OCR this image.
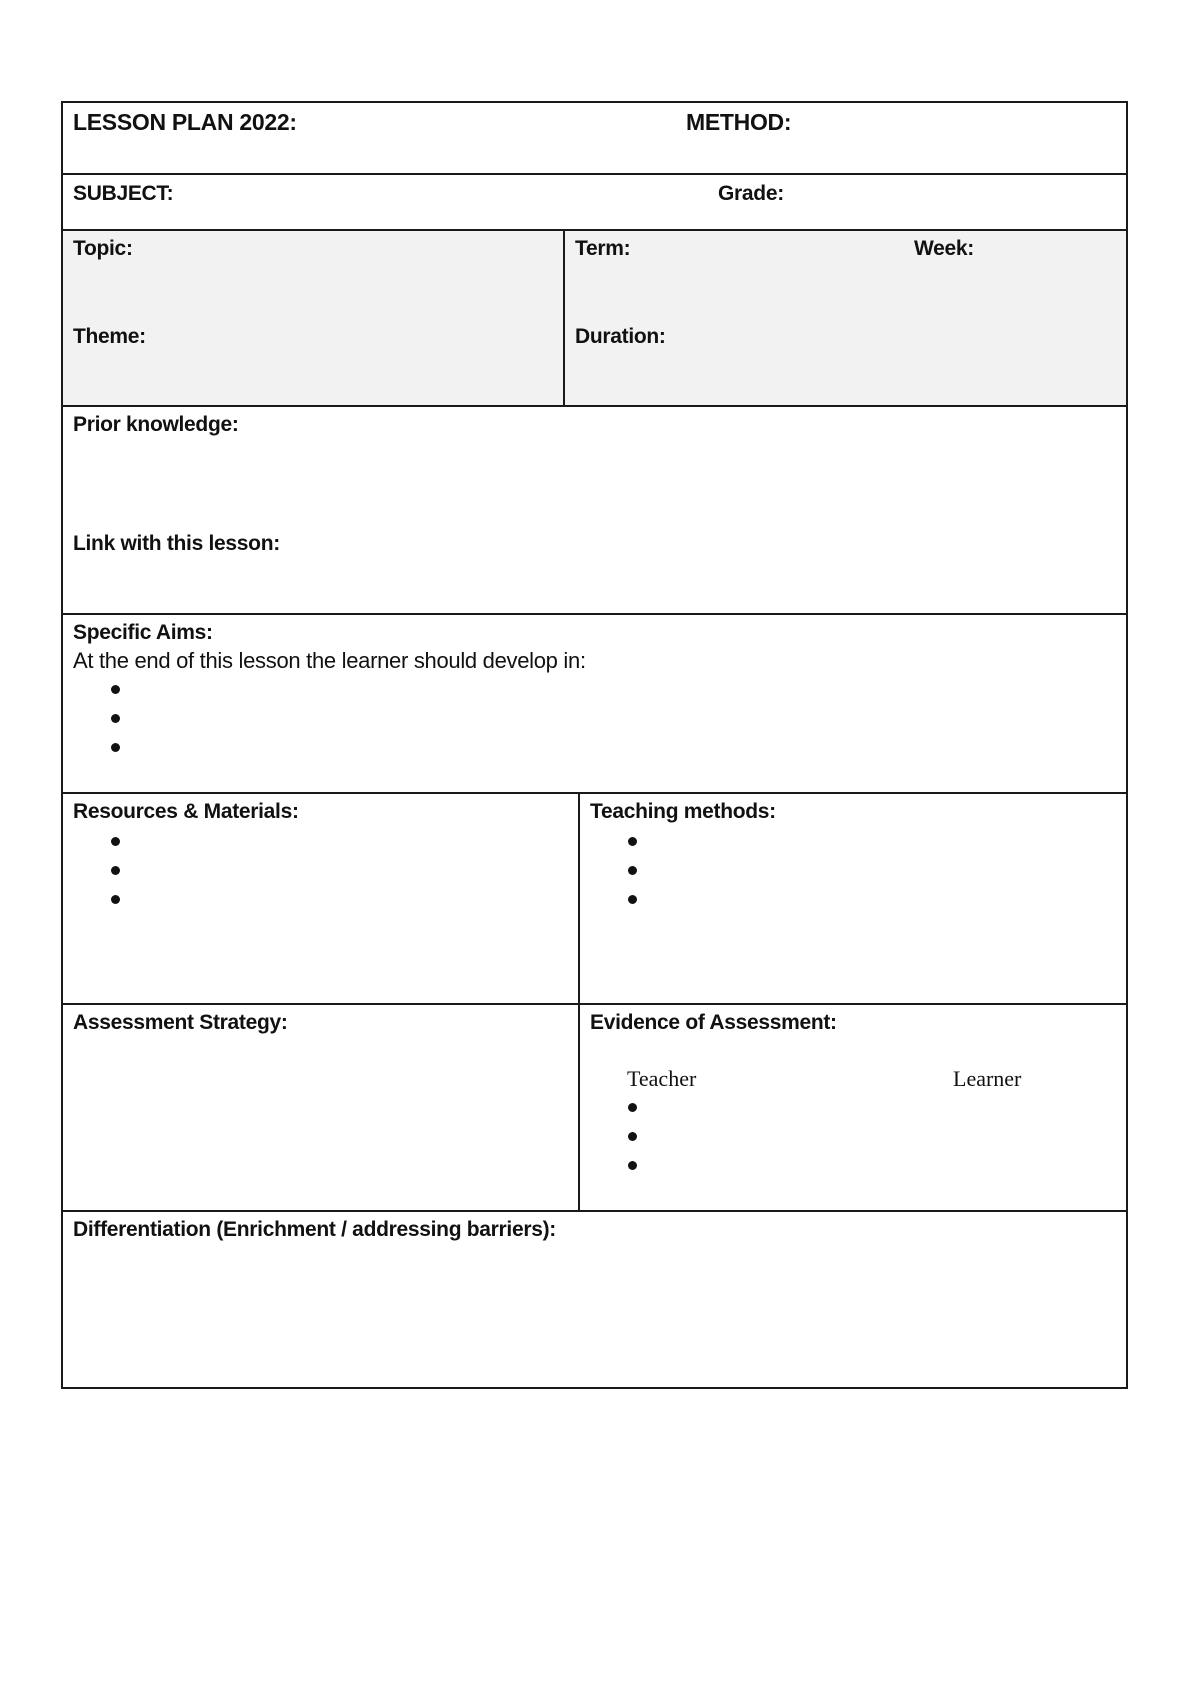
LESSON PLAN 2022:	METHOD:
SUBJECT:	Grade:
Topic:
Theme:
Term:	Week:
Duration:
Prior knowledge:
Link with this lesson:
Specific Aims:
At the end of this lesson the learner should develop in:
Resources & Materials:	Teaching methods:
Assessment Strategy:	Evidence of Assessment:
Teacher	Learner
Differentiation (Enrichment / addressing barriers):
